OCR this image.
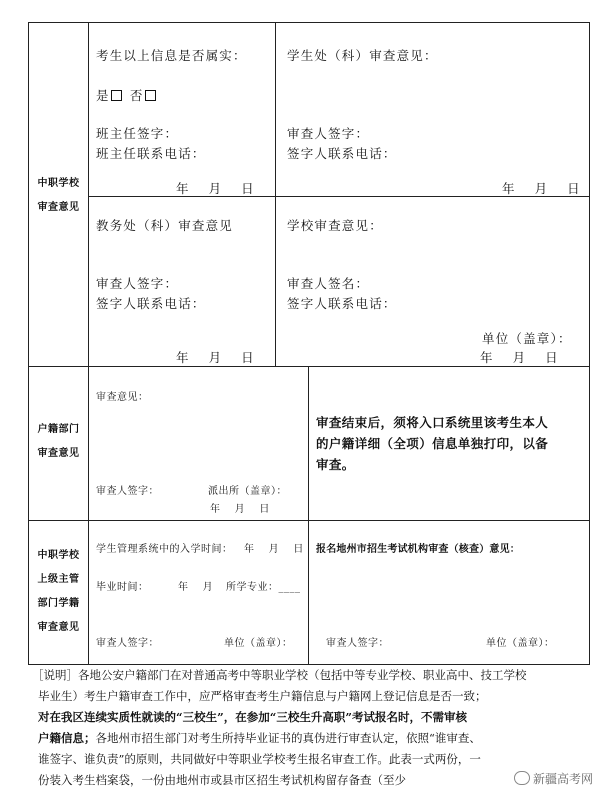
中职学校
审查意见
考生以上信息是否属实：
是 否
班主任签字：
班主任联系电话：
年　 月　 日
学生处（科）审查意见：
审查人签字：
签字人联系电话：
年　 月　 日
教务处（科）审查意见
审查人签字：
签字人联系电话：
年　 月　 日
学校审查意见：
审查人签名：
签字人联系电话：
单位（盖章）：
年　 月　 日
户籍部门
审查意见
审查意见：
审查人签字：	派出所（盖章）：
年　 月　 日
审查结束后，须将入口系统里该考生本人
的户籍详细（全项）信息单独打印，以备
审查。
中职学校
上级主管
部门学籍
审查意见
学生管理系统中的入学时间： 年　 月　 日
毕业时间：	年　 月 所学专业：____
审查人签字：	单位（盖章）：
报名地州市招生考试机构审查（核查）意见：
审查人签字：	单位（盖章）：
［说明］各地公安户籍部门在对普通高考中等职业学校（包括中等专业学校、职业高中、技工学校
毕业生）考生户籍审查工作中，应严格审查考生户籍信息与户籍网上登记信息是否一致；
对在我区连续实质性就读的“三校生”，在参加“三校生升高职”考试报名时，不需审核
户籍信息；各地州市招生部门对考生所持毕业证书的真伪进行审查认定，依照“谁审查、
谁签字、谁负责”的原则，共同做好中等职业学校考生报名审查工作。此表一式两份，一
份装入考生档案袋，一份由地州市或县市区招生考试机构留存备查（至少	新疆高考网
